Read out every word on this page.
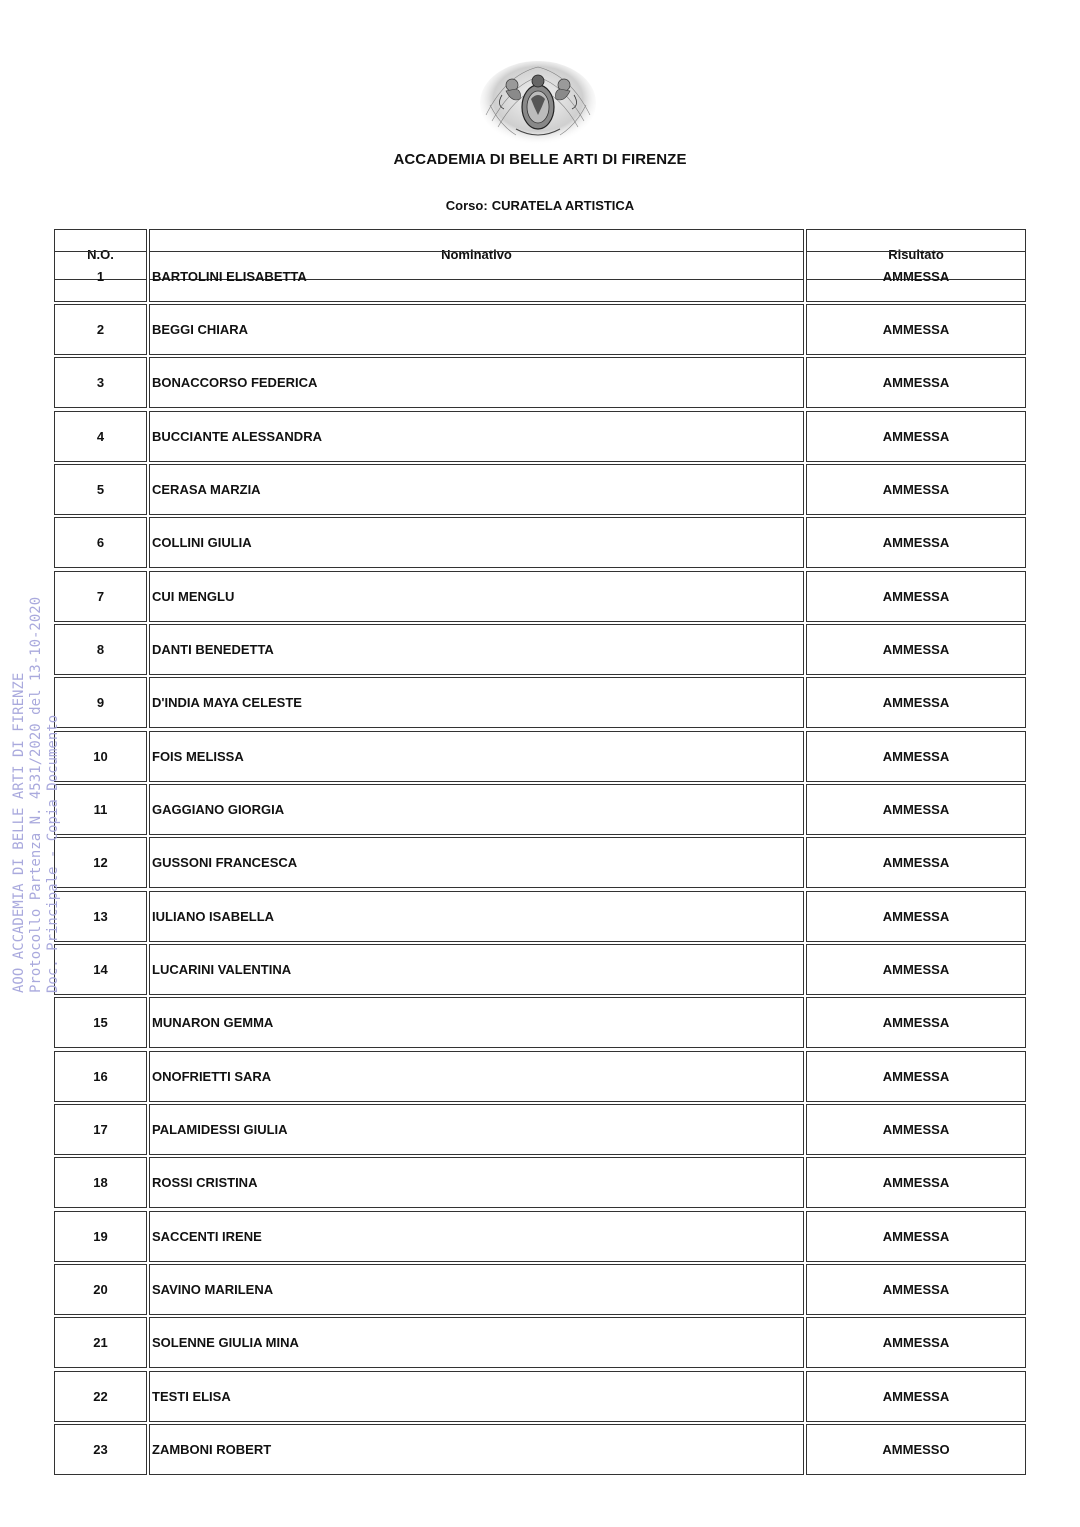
ACCADEMIA DI BELLE ARTI DI FIRENZE
Corso: CURATELA ARTISTICA
N.O.	Nominativo	Risultato
1	BARTOLINI ELISABETTA	AMMESSA
2	BEGGI CHIARA	AMMESSA
3	BONACCORSO FEDERICA	AMMESSA
4	BUCCIANTE ALESSANDRA	AMMESSA
5	CERASA MARZIA	AMMESSA
6	COLLINI GIULIA	AMMESSA
7	CUI MENGLU	AMMESSA
8	DANTI BENEDETTA	AMMESSA
9	D'INDIA MAYA CELESTE	AMMESSA
10	FOIS MELISSA	AMMESSA
11	GAGGIANO GIORGIA	AMMESSA
12	GUSSONI FRANCESCA	AMMESSA
13	IULIANO ISABELLA	AMMESSA
14	LUCARINI VALENTINA	AMMESSA
15	MUNARON GEMMA	AMMESSA
16	ONOFRIETTI SARA	AMMESSA
17	PALAMIDESSI GIULIA	AMMESSA
18	ROSSI CRISTINA	AMMESSA
19	SACCENTI IRENE	AMMESSA
20	SAVINO MARILENA	AMMESSA
21	SOLENNE GIULIA MINA	AMMESSA
22	TESTI ELISA	AMMESSA
23	ZAMBONI ROBERT	AMMESSO
AOO ACCADEMIA DI BELLE ARTI DI FIRENZE Protocollo Partenza N. 4531/2020 del 13-10-2020 Doc. Principale - Copia Documento
